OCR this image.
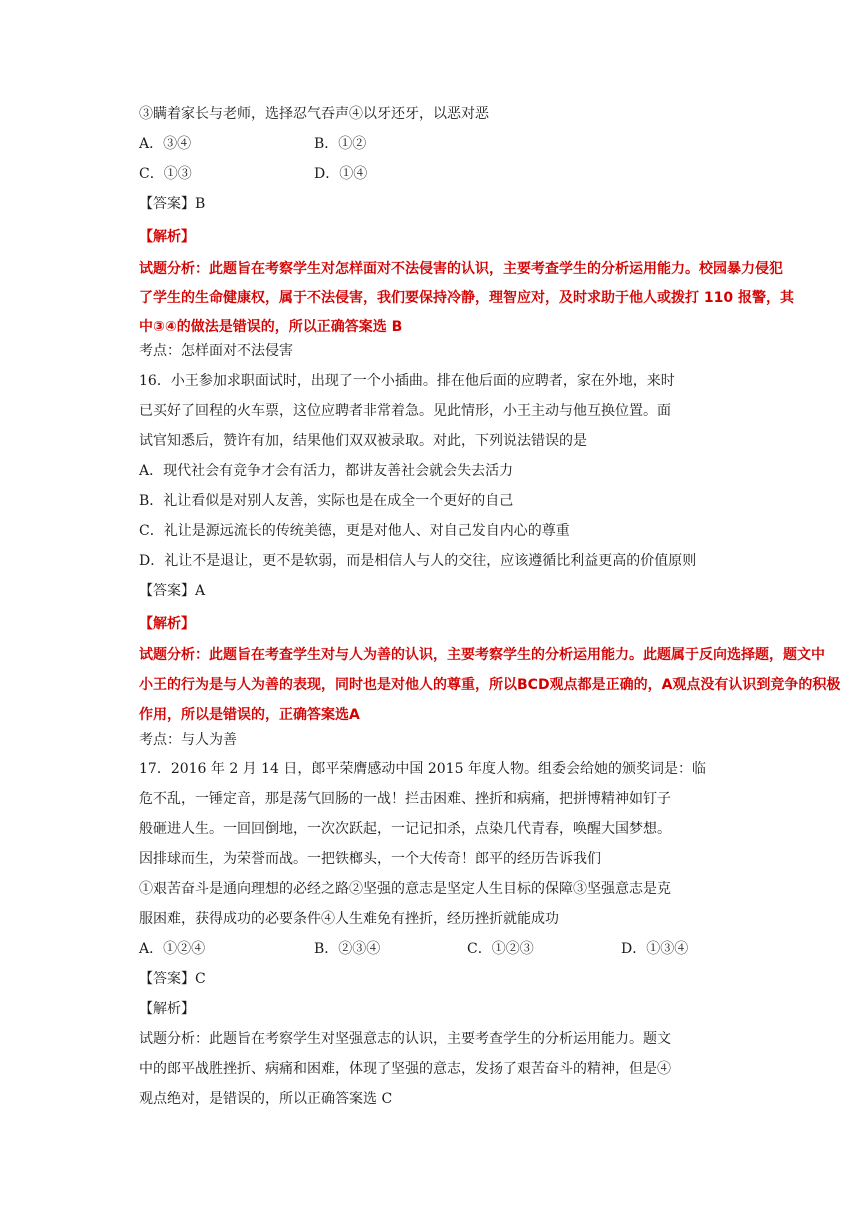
③瞒着家长与老师，选择忍气吞声④以牙还牙，以恶对恶
A．③④	B．①②
C．①③	D．①④
【答案】B
【解析】
试题分析：此题旨在考察学生对怎样面对不法侵害的认识，主要考查学生的分析运用能力。校园暴力侵犯
了学生的生命健康权，属于不法侵害，我们要保持冷静，理智应对，及时求助于他人或拨打 110 报警，其
中③④的做法是错误的，所以正确答案选 B
考点：怎样面对不法侵害
16．小王参加求职面试时，出现了一个小插曲。排在他后面的应聘者，家在外地，来时
已买好了回程的火车票，这位应聘者非常着急。见此情形，小王主动与他互换位置。面
试官知悉后，赞许有加，结果他们双双被录取。对此，下列说法错误的是
A．现代社会有竞争才会有活力，都讲友善社会就会失去活力
B．礼让看似是对别人友善，实际也是在成全一个更好的自己
C．礼让是源远流长的传统美德，更是对他人、对自己发自内心的尊重
D．礼让不是退让，更不是软弱，而是相信人与人的交往，应该遵循比利益更高的价值原则
【答案】A
【解析】
试题分析：此题旨在考查学生对与人为善的认识，主要考察学生的分析运用能力。此题属于反向选择题，题文中
小王的行为是与人为善的表现，同时也是对他人的尊重，所以BCD观点都是正确的，A观点没有认识到竞争的积极
作用，所以是错误的，正确答案选A
考点：与人为善
17．2016 年 2 月 14 日，郎平荣膺感动中国 2015 年度人物。组委会给她的颁奖词是：临
危不乱，一锤定音，那是荡气回肠的一战！拦击困难、挫折和病痛，把拼博精神如钉子
般砸进人生。一回回倒地，一次次跃起，一记记扣杀，点染几代青春，唤醒大国梦想。
因排球而生，为荣誉而战。一把铁榔头，一个大传奇！郎平的经历告诉我们
①艰苦奋斗是通向理想的必经之路②坚强的意志是坚定人生目标的保障③坚强意志是克
服困难，获得成功的必要条件④人生难免有挫折，经历挫折就能成功
A．①②④	B．②③④	C．①②③	D．①③④
【答案】C
【解析】
试题分析：此题旨在考察学生对坚强意志的认识，主要考查学生的分析运用能力。题文
中的郎平战胜挫折、病痛和困难，体现了坚强的意志，发扬了艰苦奋斗的精神，但是④
观点绝对，是错误的，所以正确答案选 C
